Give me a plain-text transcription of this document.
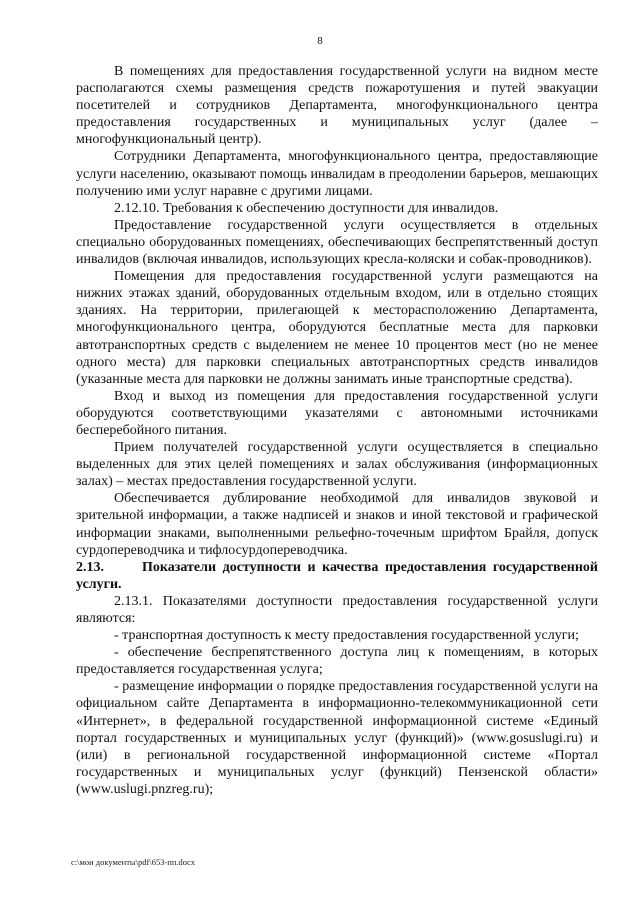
8

В помещениях для предоставления государственной услуги на видном месте располагаются схемы размещения средств пожаротушения и путей эвакуации посетителей и сотрудников Департамента, многофункционального центра предоставления государственных и муниципальных услуг (далее – многофункциональный центр).

Сотрудники Департамента, многофункционального центра, предоставляющие услуги населению, оказывают помощь инвалидам в преодолении барьеров, мешающих получению ими услуг наравне с другими лицами.

2.12.10. Требования к обеспечению доступности для инвалидов.

Предоставление государственной услуги осуществляется в отдельных специально оборудованных помещениях, обеспечивающих беспрепятственный доступ инвалидов (включая инвалидов, использующих кресла-коляски и собак-проводников).

Помещения для предоставления государственной услуги размещаются на нижних этажах зданий, оборудованных отдельным входом, или в отдельно стоящих зданиях. На территории, прилегающей к месторасположению Департамента, многофункционального центра, оборудуются бесплатные места для парковки автотранспортных средств с выделением не менее 10 процентов мест (но не менее одного места) для парковки специальных автотранспортных средств инвалидов (указанные места для парковки не должны занимать иные транспортные средства).

Вход и выход из помещения для предоставления государственной услуги оборудуются соответствующими указателями с автономными источниками бесперебойного питания.

Прием получателей государственной услуги осуществляется в специально выделенных для этих целей помещениях и залах обслуживания (информационных залах) – местах предоставления государственной услуги.

Обеспечивается дублирование необходимой для инвалидов звуковой и зрительной информации, а также надписей и знаков и иной текстовой и графической информации знаками, выполненными рельефно-точечным шрифтом Брайля, допуск сурдопереводчика и тифлосурдопереводчика.

2.13.	Показатели доступности и качества предоставления государственной услуги.

2.13.1. Показателями доступности предоставления государственной услуги являются:

- транспортная доступность к месту предоставления государственной услуги;

- обеспечение беспрепятственного доступа лиц к помещениям, в которых предоставляется государственная услуга;

- размещение информации о порядке предоставления государственной услуги на официальном сайте Департамента в информационно-телекоммуникационной сети «Интернет», в федеральной государственной информационной системе «Единый портал государственных и муниципальных услуг (функций)» (www.gosuslugi.ru) и (или) в региональной государственной информационной системе «Портал государственных и муниципальных услуг (функций) Пензенской области» (www.uslugi.pnzreg.ru);

c:\мои документы\pdf\653-пп.docx
